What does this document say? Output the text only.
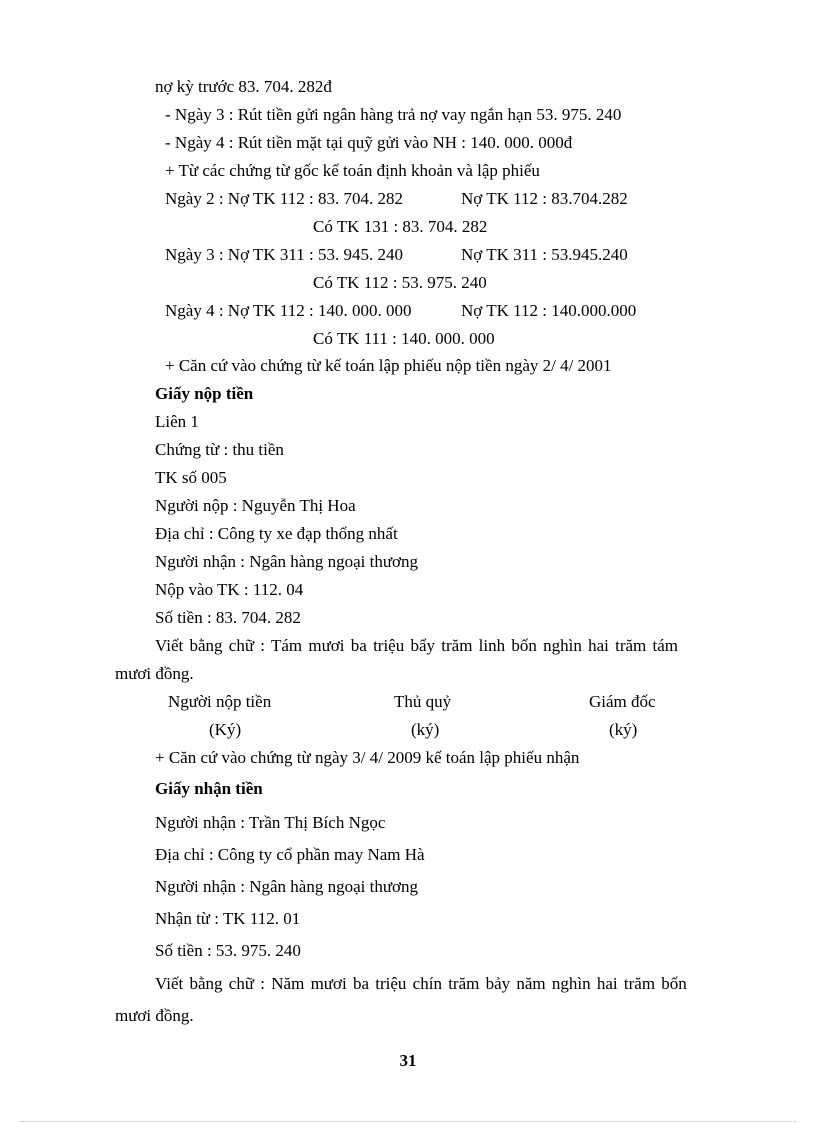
nợ kỳ trước 83. 704. 282đ
- Ngày 3 : Rút tiền gửi ngân hàng trả nợ vay ngắn hạn 53. 975. 240
- Ngày 4 : Rút tiền mặt tại quỹ gửi vào NH : 140. 000. 000đ
+ Từ các chứng từ gốc kế toán định khoản và lập phiếu
Ngày 2 : Nợ TK 112 : 83. 704. 282	Nợ TK 112 : 83.704.282
Có TK 131 : 83. 704. 282
Ngày 3 : Nợ TK 311 : 53. 945. 240	Nợ TK 311 : 53.945.240
Có TK 112 : 53. 975. 240
Ngày 4 : Nợ TK 112 : 140. 000. 000	Nợ TK 112 : 140.000.000
Có TK 111 : 140. 000. 000
+ Căn cứ vào chứng từ kế toán lập phiếu nộp tiền ngày 2/ 4/ 2001
Giấy nộp tiền
Liên 1
Chứng từ : thu tiền
TK số 005
Người nộp : Nguyễn Thị Hoa
Địa chỉ : Công ty xe đạp thống nhất
Người nhận : Ngân hàng ngoại thương
Nộp vào TK : 112. 04
Số tiền : 83. 704. 282
Viết bằng chữ : Tám mươi ba triệu bẩy trăm linh bốn nghìn hai trăm tám
mươi đồng.
Người nộp tiền	Thủ quỷ	Giám đốc
(Ký)	(ký)	(ký)
+ Căn cứ vào chứng từ ngày 3/ 4/ 2009 kế toán lập phiếu nhận
Giấy nhận tiền
Người nhận : Trần Thị Bích Ngọc
Địa chỉ : Công ty cổ phần may Nam Hà
Người nhận : Ngân hàng ngoại thương
Nhận từ : TK 112. 01
Số tiền : 53. 975. 240
Viết bằng chữ : Năm mươi ba triệu chín trăm bảy năm nghìn hai trăm bốn
mươi đồng.
31
